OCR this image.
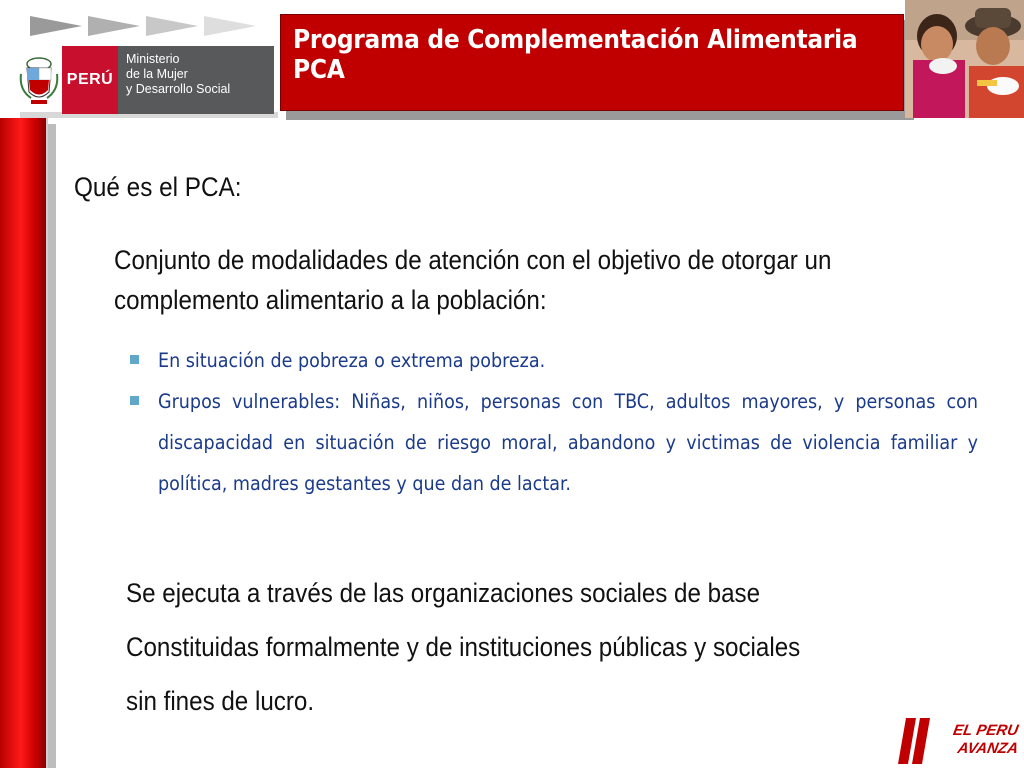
PERÚ
Ministerio
de la Mujer
y Desarrollo Social
Programa de Complementación Alimentaria
PCA
Qué es el PCA:
Conjunto de modalidades de atención con el objetivo de otorgar un complemento alimentario a la población:
En situación de pobreza o extrema pobreza.
Grupos vulnerables: Niñas, niños, personas con TBC, adultos mayores, y personas con discapacidad en situación de riesgo moral, abandono y victimas de violencia familiar y política, madres gestantes y que dan de lactar.
Se ejecuta a través de las organizaciones sociales de base
Constituidas formalmente y de instituciones públicas y sociales
sin fines de lucro.
EL PERU
AVANZA
